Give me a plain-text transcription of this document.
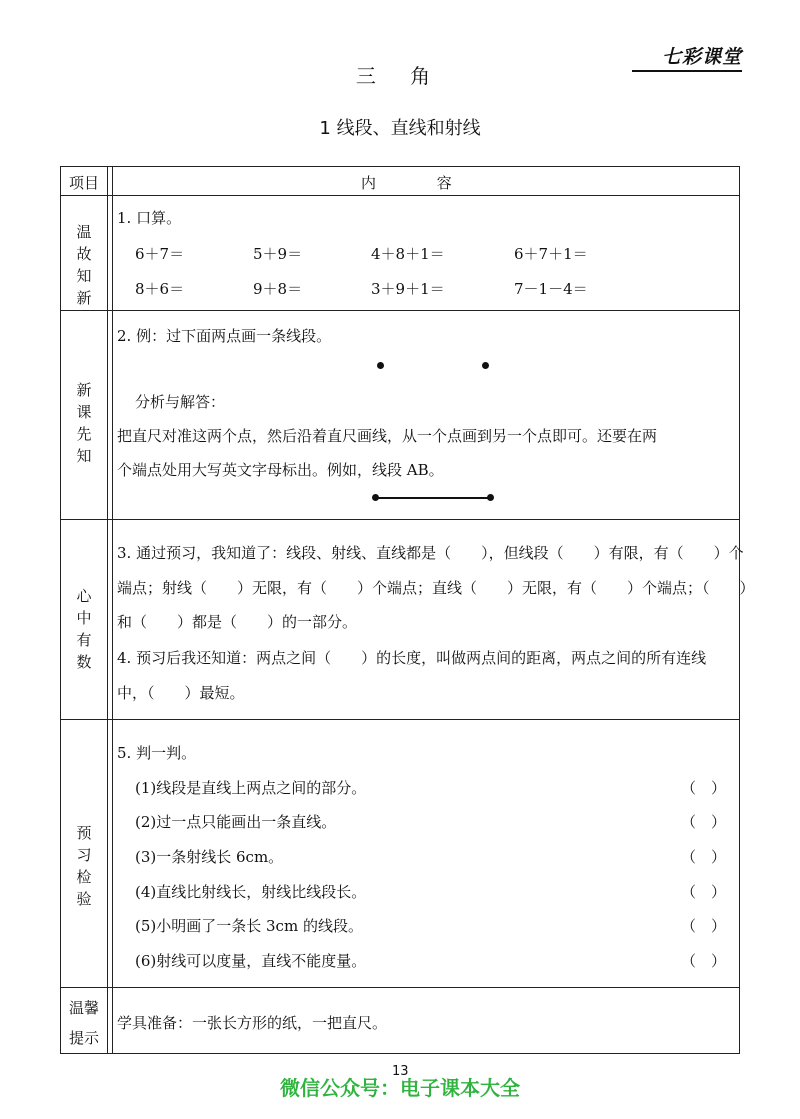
七彩课堂
三 角
1 线段、直线和射线
项目	内 容
温故知新
1. 口算。
6＋7＝	5＋9＝	4＋8＋1＝	6＋7＋1＝
8＋6＝	9＋8＝	3＋9＋1＝	7－1－4＝
新课先知
2. 例：过下面两点画一条线段。
分析与解答：
把直尺对准这两个点，然后沿着直尺画线，从一个点画到另一个点即可。还要在两
个端点处用大写英文字母标出。例如，线段 AB。
心中有数
3. 通过预习，我知道了：线段、射线、直线都是（　　），但线段（　　）有限，有（　　）个
端点；射线（　　）无限，有（　　）个端点；直线（　　）无限，有（　　）个端点；（　　）
和（　　）都是（　　）的一部分。
4. 预习后我还知道：两点之间（　　）的长度，叫做两点间的距离，两点之间的所有连线
中，（　　）最短。
预习检验
5. 判一判。
(1)线段是直线上两点之间的部分。	（　）
(2)过一点只能画出一条直线。	（　）
(3)一条射线长 6cm。	（　）
(4)直线比射线长，射线比线段长。	（　）
(5)小明画了一条长 3cm 的线段。	（　）
(6)射线可以度量，直线不能度量。	（　）
温馨
提示
学具准备：一张长方形的纸，一把直尺。
13
微信公众号：电子课本大全
